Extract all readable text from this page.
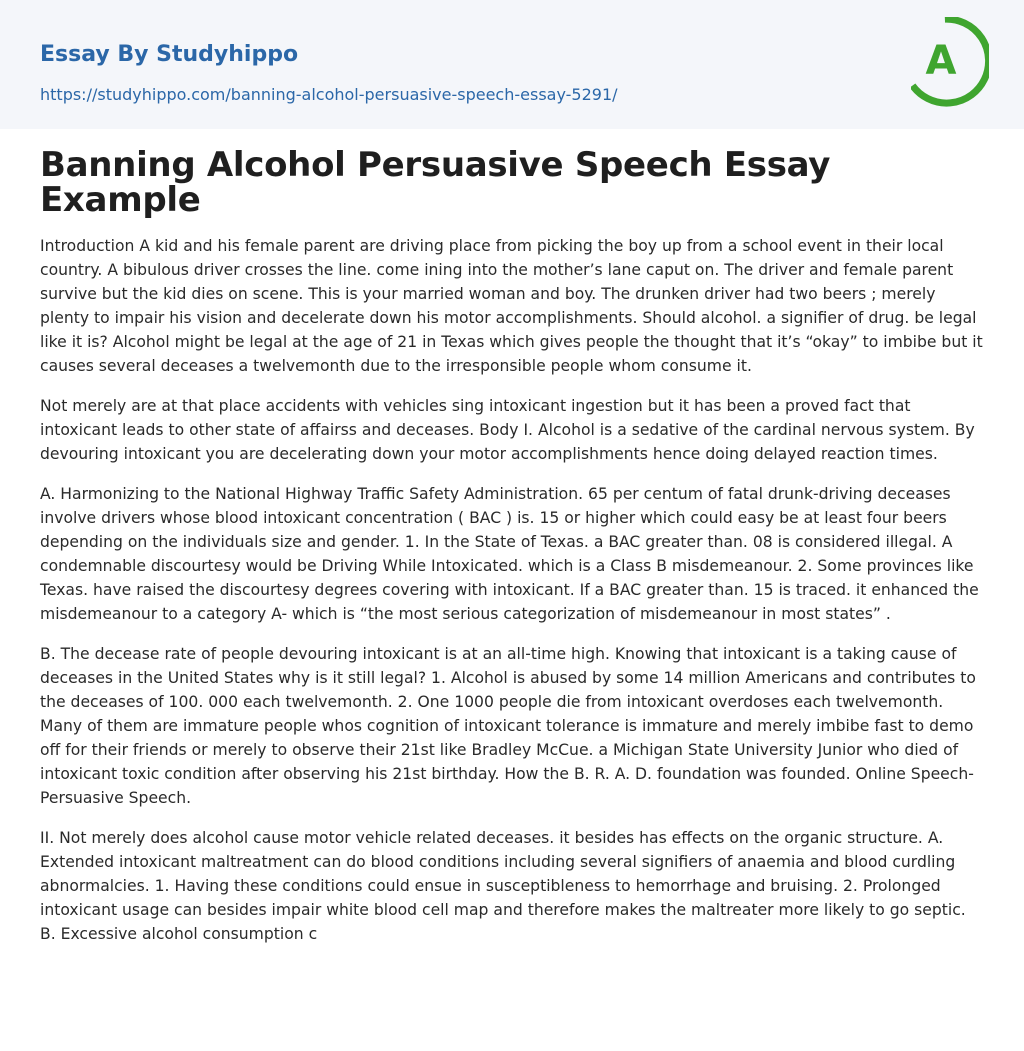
Essay By Studyhippo
https://studyhippo.com/banning-alcohol-persuasive-speech-essay-5291/
A
Banning Alcohol Persuasive Speech Essay Example

Introduction A kid and his female parent are driving place from picking the boy up from a school event in their local country. A bibulous driver crosses the line. come ining into the mother’s lane caput on. The driver and female parent survive but the kid dies on scene. This is your married woman and boy. The drunken driver had two beers ; merely plenty to impair his vision and decelerate down his motor accomplishments. Should alcohol. a signifier of drug. be legal like it is? Alcohol might be legal at the age of 21 in Texas which gives people the thought that it’s “okay” to imbibe but it causes several deceases a twelvemonth due to the irresponsible people whom consume it.

Not merely are at that place accidents with vehicles sing intoxicant ingestion but it has been a proved fact that intoxicant leads to other state of affairss and deceases. Body I. Alcohol is a sedative of the cardinal nervous system. By devouring intoxicant you are decelerating down your motor accomplishments hence doing delayed reaction times.

A. Harmonizing to the National Highway Traffic Safety Administration. 65 per centum of fatal drunk-driving deceases involve drivers whose blood intoxicant concentration ( BAC ) is. 15 or higher which could easy be at least four beers depending on the individuals size and gender. 1. In the State of Texas. a BAC greater than. 08 is considered illegal. A condemnable discourtesy would be Driving While Intoxicated. which is a Class B misdemeanour. 2. Some provinces like Texas. have raised the discourtesy degrees covering with intoxicant. If a BAC greater than. 15 is traced. it enhanced the misdemeanour to a category A- which is “the most serious categorization of misdemeanour in most states” .

B. The decease rate of people devouring intoxicant is at an all-time high. Knowing that intoxicant is a taking cause of deceases in the United States why is it still legal? 1. Alcohol is abused by some 14 million Americans and contributes to the deceases of 100. 000 each twelvemonth. 2. One 1000 people die from intoxicant overdoses each twelvemonth. Many of them are immature people whos cognition of intoxicant tolerance is immature and merely imbibe fast to demo off for their friends or merely to observe their 21st like Bradley McCue. a Michigan State University Junior who died of intoxicant toxic condition after observing his 21st birthday. How the B. R. A. D. foundation was founded. Online Speech-Persuasive Speech.

II. Not merely does alcohol cause motor vehicle related deceases. it besides has effects on the organic structure. A. Extended intoxicant maltreatment can do blood conditions including several signifiers of anaemia and blood curdling abnormalcies. 1. Having these conditions could ensue in susceptibleness to hemorrhage and bruising. 2. Prolonged intoxicant usage can besides impair white blood cell map and therefore makes the maltreater more likely to go septic. B. Excessive alcohol consumption c
